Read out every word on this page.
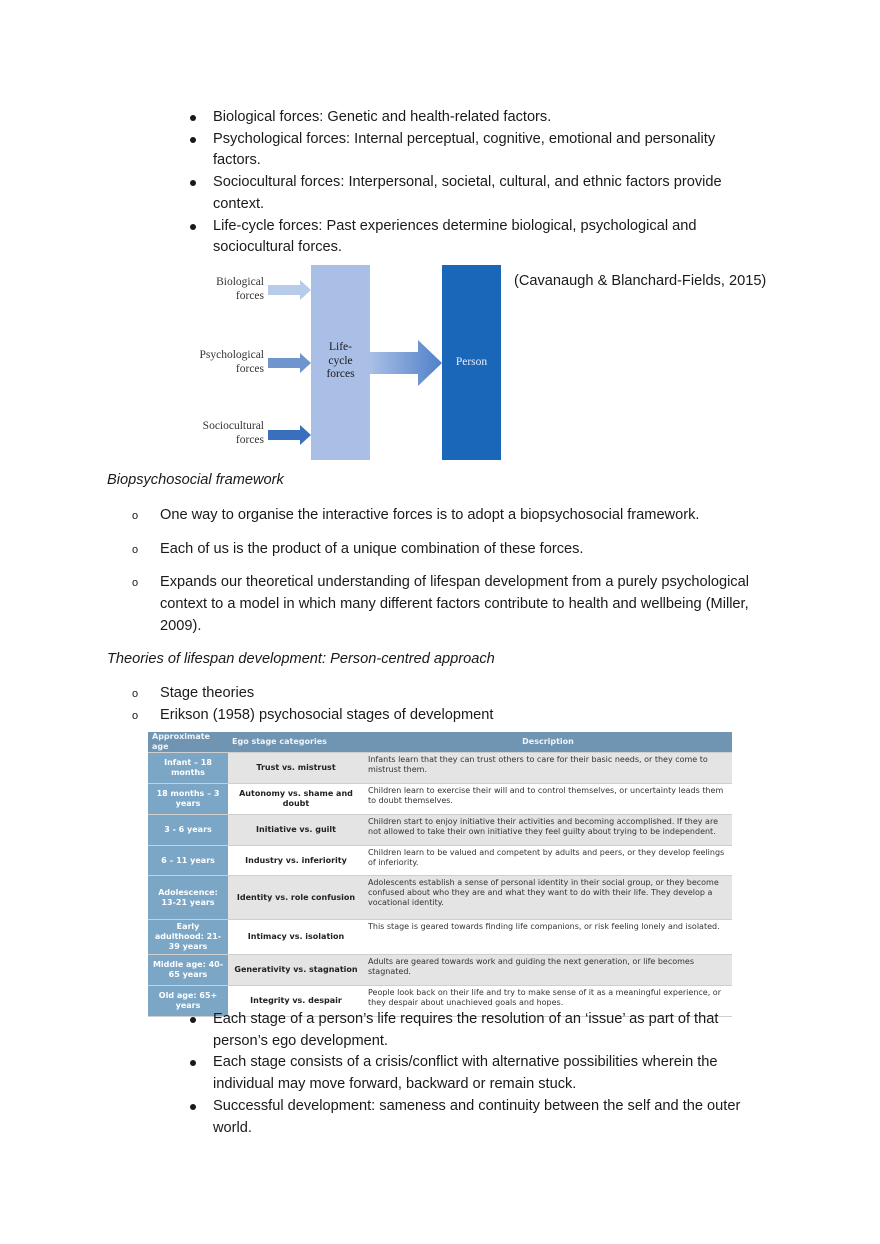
Biological forces: Genetic and health-related factors.
Psychological forces: Internal perceptual, cognitive, emotional and personality factors.
Sociocultural forces: Interpersonal, societal, cultural, and ethnic factors provide context.
Life-cycle forces: Past experiences determine biological, psychological and sociocultural forces.
Biological
forces
Psychological
forces
Sociocultural
forces
Life-
cycle
forces
Person
(Cavanaugh & Blanchard-Fields, 2015)
Biopsychosocial framework
o One way to organise the interactive forces is to adopt a biopsychosocial framework.
o Each of us is the product of a unique combination of these forces.
o Expands our theoretical understanding of lifespan development from a purely psychological context to a model in which many different factors contribute to health and wellbeing (Miller, 2009).
Theories of lifespan development: Person-centred approach
o Stage theories
o Erikson (1958) psychosocial stages of development
Approximate age	Ego stage categories	Description
Infant – 18 months	Trust vs. mistrust	Infants learn that they can trust others to care for their basic needs, or they come to mistrust them.
18 months – 3 years	Autonomy vs. shame and doubt	Children learn to exercise their will and to control themselves, or uncertainty leads them to doubt themselves.
3 - 6 years	Initiative vs. guilt	Children start to enjoy initiative their activities and becoming accomplished. If they are not allowed to take their own initiative they feel guilty about trying to be independent.
6 – 11 years	Industry vs. inferiority	Children learn to be valued and competent by adults and peers, or they develop feelings of inferiority.
Adolescence: 13-21 years	Identity vs. role confusion	Adolescents establish a sense of personal identity in their social group, or they become confused about who they are and what they want to do with their life. They develop a vocational identity.
Early adulthood: 21-39 years	Intimacy vs. isolation	This stage is geared towards finding life companions, or risk feeling lonely and isolated.
Middle age: 40-65 years	Generativity vs. stagnation	Adults are geared towards work and guiding the next generation, or life becomes stagnated.
Old age: 65+ years	Integrity vs. despair	People look back on their life and try to make sense of it as a meaningful experience, or they despair about unachieved goals and hopes.
Each stage of a person’s life requires the resolution of an ‘issue’ as part of that person’s ego development.
Each stage consists of a crisis/conflict with alternative possibilities wherein the individual may move forward, backward or remain stuck.
Successful development: sameness and continuity between the self and the outer world.
